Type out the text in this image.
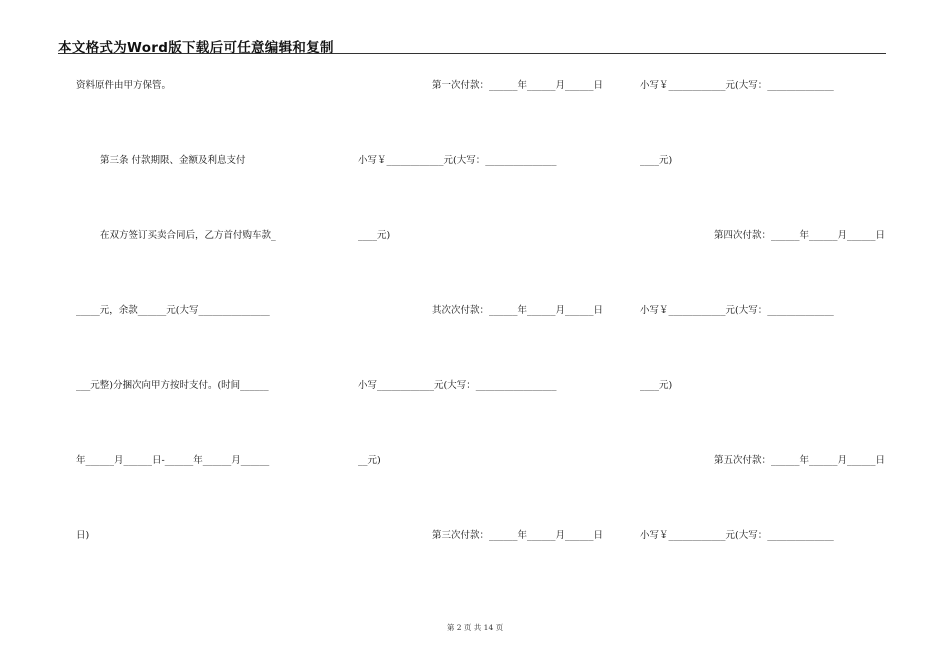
本文格式为Word版下载后可任意编辑和复制
资料原件由甲方保管。
第三条 付款期限、金额及利息支付
在双方签订买卖合同后，乙方首付购车款_
_____元，余款______元(大写_______________
___元整)分捆次向甲方按时支付。(时间______
年______月______日-______年______月______
日)
第一次付款：______年______月______日
小写￥____________元(大写：_______________
____元)
其次次付款：______年______月______日
小写____________元(大写：_________________
__元)
第三次付款：______年______月______日
小写￥____________元(大写：______________
____元)
第四次付款：______年______月______日
小写￥____________元(大写：______________
____元)
第五次付款：______年______月______日
小写￥____________元(大写：______________
第 2 页 共 14 页
